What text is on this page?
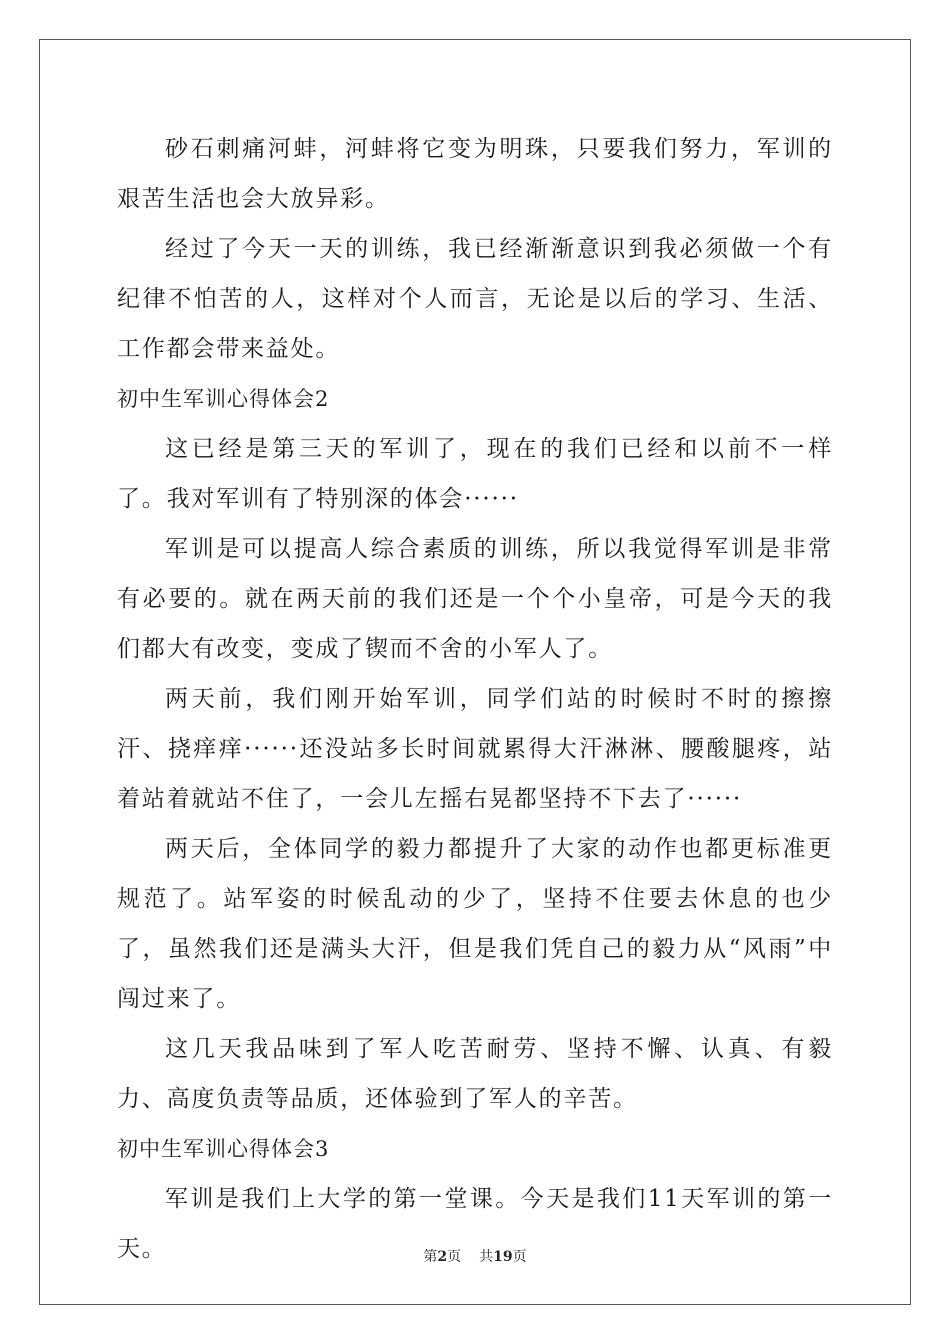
砂石刺痛河蚌，河蚌将它变为明珠，只要我们努力，军训的艰苦生活也会大放异彩。

经过了今天一天的训练，我已经渐渐意识到我必须做一个有纪律不怕苦的人，这样对个人而言，无论是以后的学习、生活、工作都会带来益处。

初中生军训心得体会2

这已经是第三天的军训了，现在的我们已经和以前不一样了。我对军训有了特别深的体会······

军训是可以提高人综合素质的训练，所以我觉得军训是非常有必要的。就在两天前的我们还是一个个小皇帝，可是今天的我们都大有改变，变成了锲而不舍的小军人了。

两天前，我们刚开始军训，同学们站的时候时不时的擦擦汗、挠痒痒······还没站多长时间就累得大汗淋淋、腰酸腿疼，站着站着就站不住了，一会儿左摇右晃都坚持不下去了······

两天后，全体同学的毅力都提升了大家的动作也都更标准更规范了。站军姿的时候乱动的少了，坚持不住要去休息的也少了，虽然我们还是满头大汗，但是我们凭自己的毅力从“风雨”中闯过来了。

这几天我品味到了军人吃苦耐劳、坚持不懈、认真、有毅力、高度负责等品质，还体验到了军人的辛苦。

初中生军训心得体会3

军训是我们上大学的第一堂课。今天是我们11天军训的第一天。	第2页 共19页
